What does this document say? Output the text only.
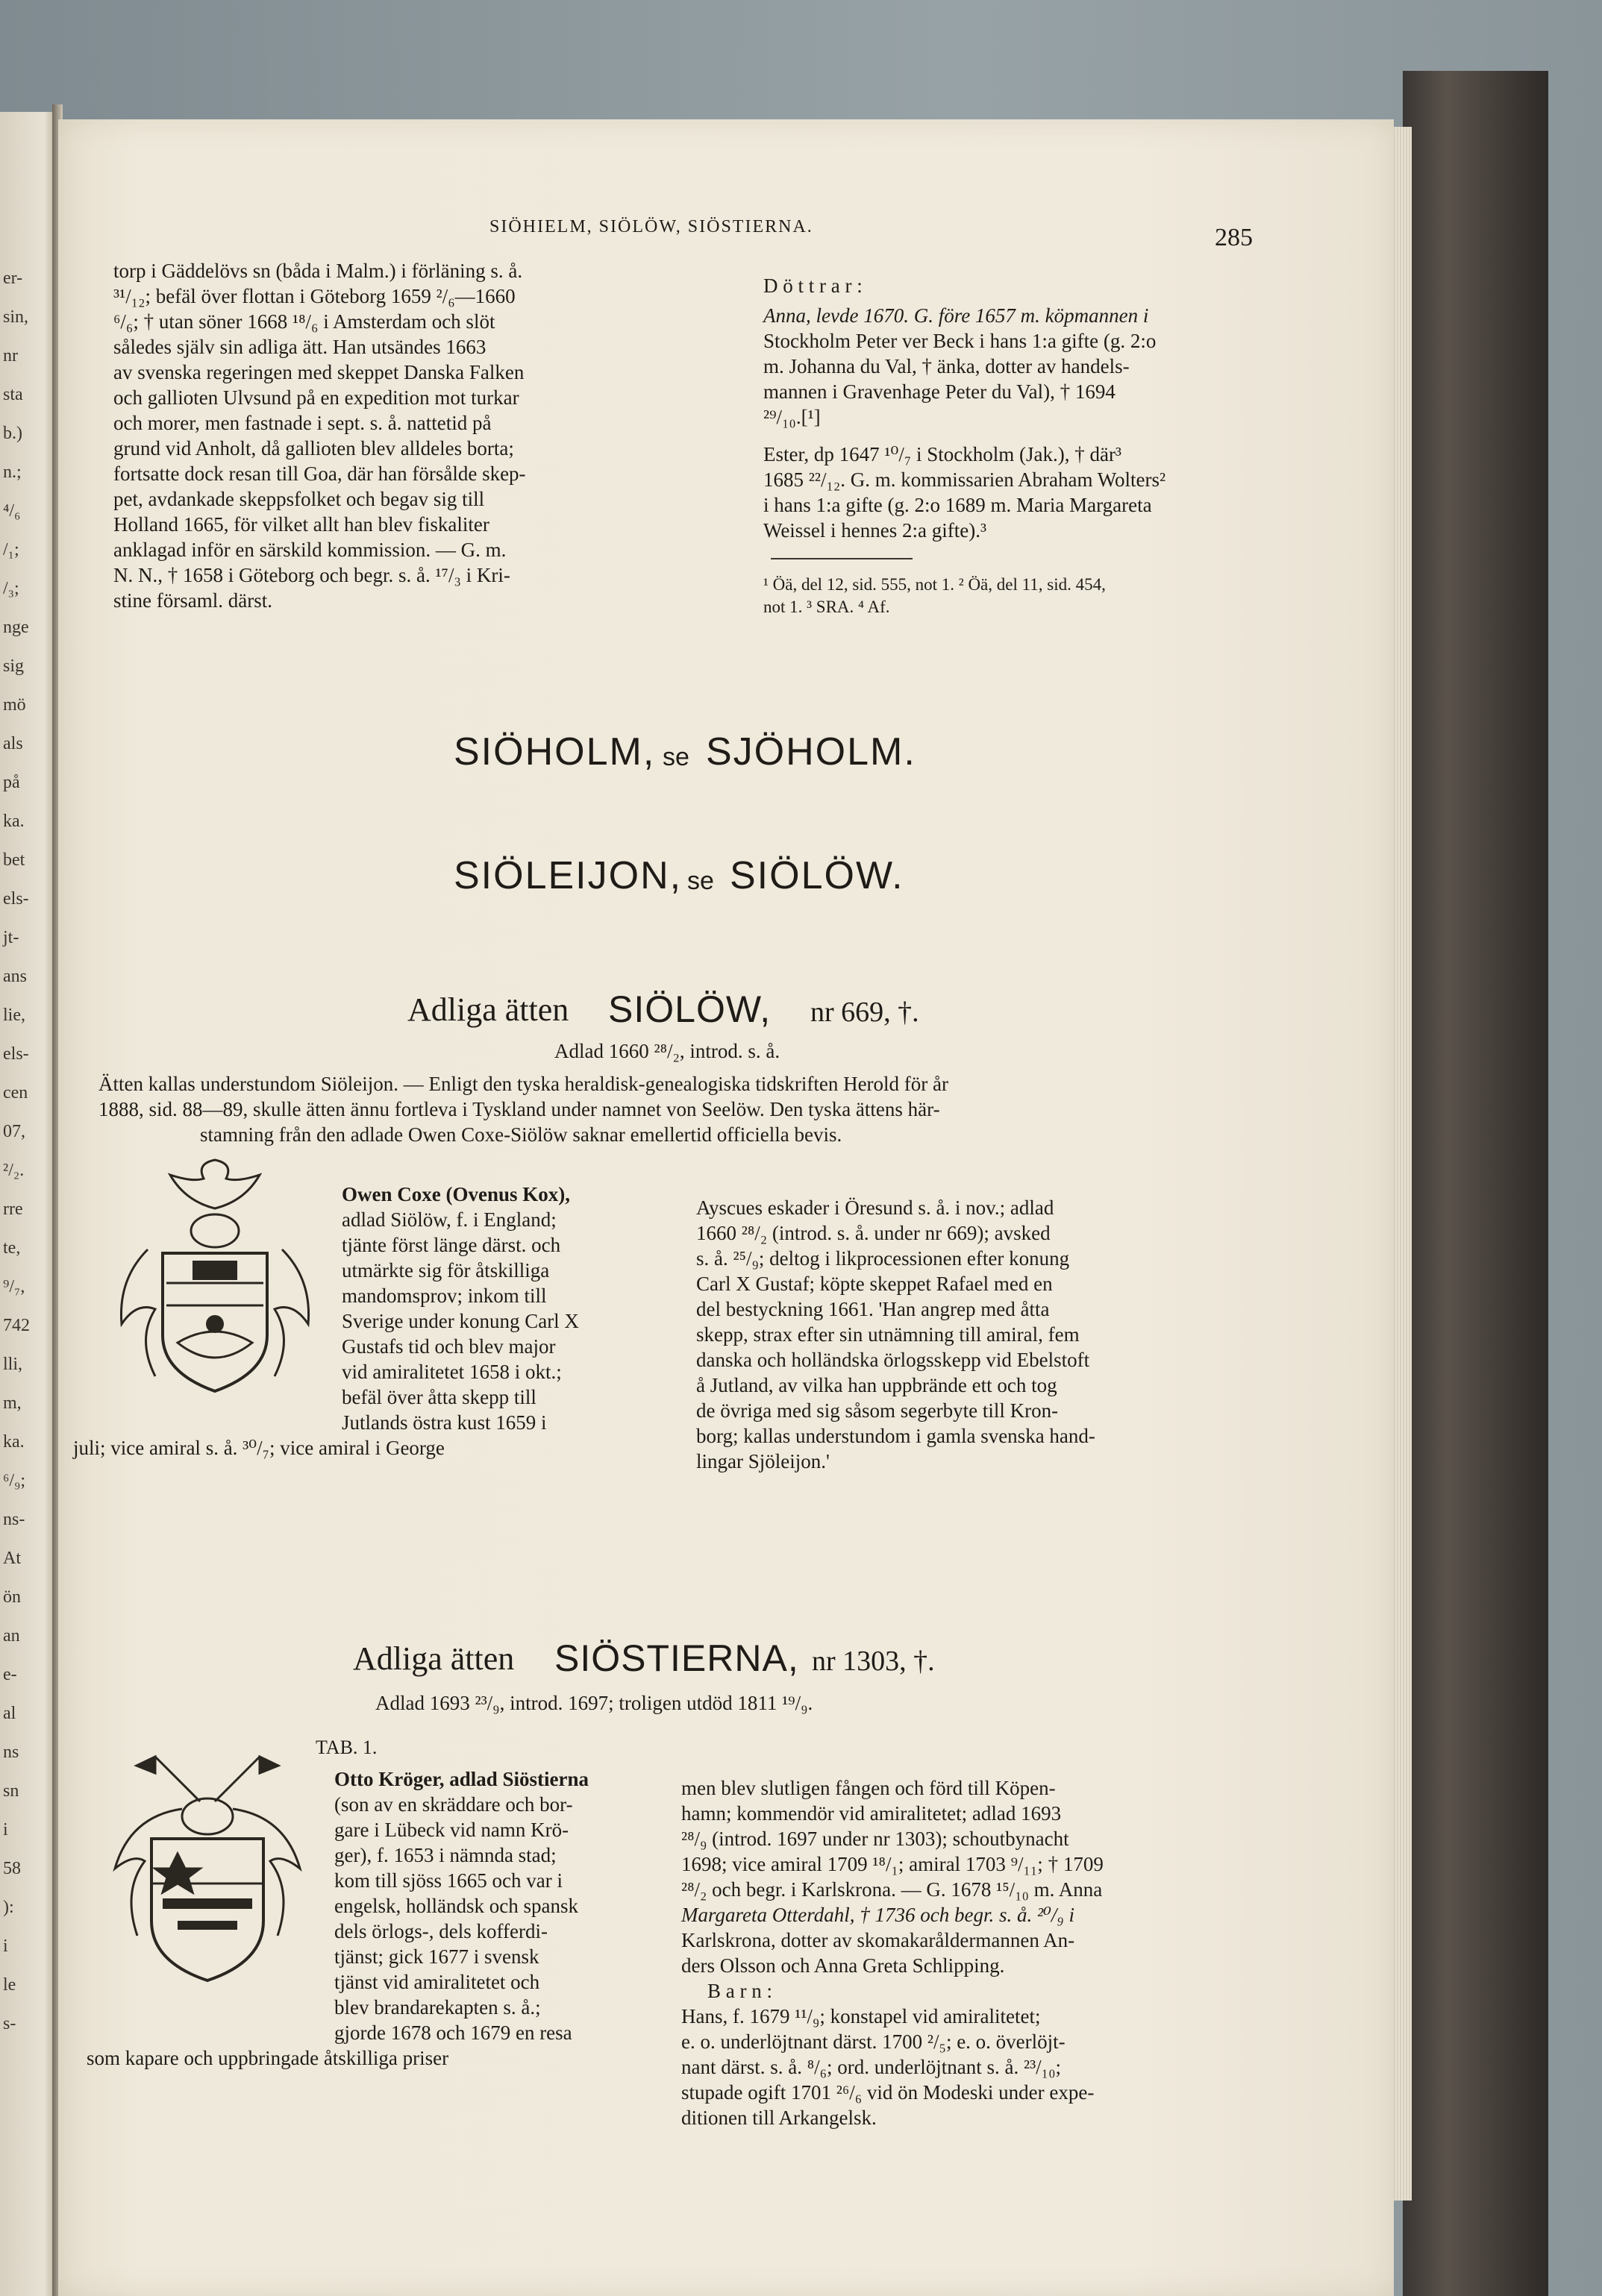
er-
sin,
nr
sta
b.)
n.;
⁴/₆
/₁;
/₃;
nge
sig
mö
als
på
ka.
bet
els-
jt-
ans
lie,
els-
cen
07,
²/₂.
rre
te,
⁹/₇,
742
lli,
m,
ka.
⁶/₉;
ns-
At
ön
an
e-
al
ns
sn
i
58
):
i
le
s-
SIÖHIELM, SIÖLÖW, SIÖSTIERNA.	285
torp i Gäddelövs sn (båda i Malm.) i förläning s. å.
³¹/₁₂; befäl över flottan i Göteborg 1659 ²/₆—1660
⁶/₆; † utan söner 1668 ¹⁸/₆ i Amsterdam och slöt
således själv sin adliga ätt. Han utsändes 1663
av svenska regeringen med skeppet Danska Falken
och gallioten Ulvsund på en expedition mot turkar
och morer, men fastnade i sept. s. å. nattetid på
grund vid Anholt, då gallioten blev alldeles borta;
fortsatte dock resan till Goa, där han försålde skep-
pet, avdankade skeppsfolket och begav sig till
Holland 1665, för vilket allt han blev fiskaliter
anklagad inför en särskild kommission. — G. m.
N. N., † 1658 i Göteborg och begr. s. å. ¹⁷/₃ i Kri-
stine församl. därst.
D ö t t r a r :
Anna, levde 1670. G. före 1657 m. köpmannen i
Stockholm Peter ver Beck i hans 1:a gifte (g. 2:o
m. Johanna du Val, † änka, dotter av handels-
mannen i Gravenhage Peter du Val), † 1694
²⁹/₁₀.[¹]
Ester, dp 1647 ¹⁰/₇ i Stockholm (Jak.), † där³
1685 ²²/₁₂. G. m. kommissarien Abraham Wolters²
i hans 1:a gifte (g. 2:o 1689 m. Maria Margareta
Weissel i hennes 2:a gifte).³
¹ Öä, del 12, sid. 555, not 1. ² Öä, del 11, sid. 454,
not 1. ³ SRA. ⁴ Af.
SIÖHOLM, se SJÖHOLM.
SIÖLEIJON, se SIÖLÖW.
Adliga ätten SIÖLÖW, nr 669, †.
Adlad 1660 ²⁸/₂, introd. s. å.
Ätten kallas understundom Siöleijon. — Enligt den tyska heraldisk-genealogiska tidskriften Herold för år
1888, sid. 88—89, skulle ätten ännu fortleva i Tyskland under namnet von Seelöw. Den tyska ättens här-
stamning från den adlade Owen Coxe-Siölöw saknar emellertid officiella bevis.
Owen Coxe (Ovenus Kox),
adlad Siölöw, f. i England;
tjänte först länge därst. och
utmärkte sig för åtskilliga
mandomsprov; inkom till
Sverige under konung Carl X
Gustafs tid och blev major
vid amiralitetet 1658 i okt.;
befäl över åtta skepp till
Jutlands östra kust 1659 i
juli; vice amiral s. å. ³⁰/₇; vice amiral i George
Ayscues eskader i Öresund s. å. i nov.; adlad
1660 ²⁸/₂ (introd. s. å. under nr 669); avsked
s. å. ²⁵/₉; deltog i likprocessionen efter konung
Carl X Gustaf; köpte skeppet Rafael med en
del bestyckning 1661. 'Han angrep med åtta
skepp, strax efter sin utnämning till amiral, fem
danska och holländska örlogsskepp vid Ebelstoft
å Jutland, av vilka han uppbrände ett och tog
de övriga med sig såsom segerbyte till Kron-
borg; kallas understundom i gamla svenska hand-
lingar Sjöleijon.'
Adliga ätten SIÖSTIERNA, nr 1303, †.
Adlad 1693 ²³/₉, introd. 1697; troligen utdöd 1811 ¹⁹/₉.
TAB. 1.
Otto Kröger, adlad Siöstierna
(son av en skräddare och bor-
gare i Lübeck vid namn Krö-
ger), f. 1653 i nämnda stad;
kom till sjöss 1665 och var i
engelsk, holländsk och spansk
dels örlogs-, dels kofferdi-
tjänst; gick 1677 i svensk
tjänst vid amiralitetet och
blev brandarekapten s. å.;
gjorde 1678 och 1679 en resa
som kapare och uppbringade åtskilliga priser
men blev slutligen fången och förd till Köpen-
hamn; kommendör vid amiralitetet; adlad 1693
²⁸/₉ (introd. 1697 under nr 1303); schoutbynacht
1698; vice amiral 1709 ¹⁸/₁; amiral 1703 ⁹/₁₁; † 1709
²⁸/₂ och begr. i Karlskrona. — G. 1678 ¹⁵/₁₀ m. Anna
Margareta Otterdahl, † 1736 och begr. s. å. ²⁰/₉ i
Karlskrona, dotter av skomakaråldermannen An-
ders Olsson och Anna Greta Schlipping.
B a r n :
Hans, f. 1679 ¹¹/₉; konstapel vid amiralitetet;
e. o. underlöjtnant därst. 1700 ²/₅; e. o. överlöjt-
nant därst. s. å. ⁸/₆; ord. underlöjtnant s. å. ²³/₁₀;
stupade ogift 1701 ²⁶/₆ vid ön Modeski under expe-
ditionen till Arkangelsk.
